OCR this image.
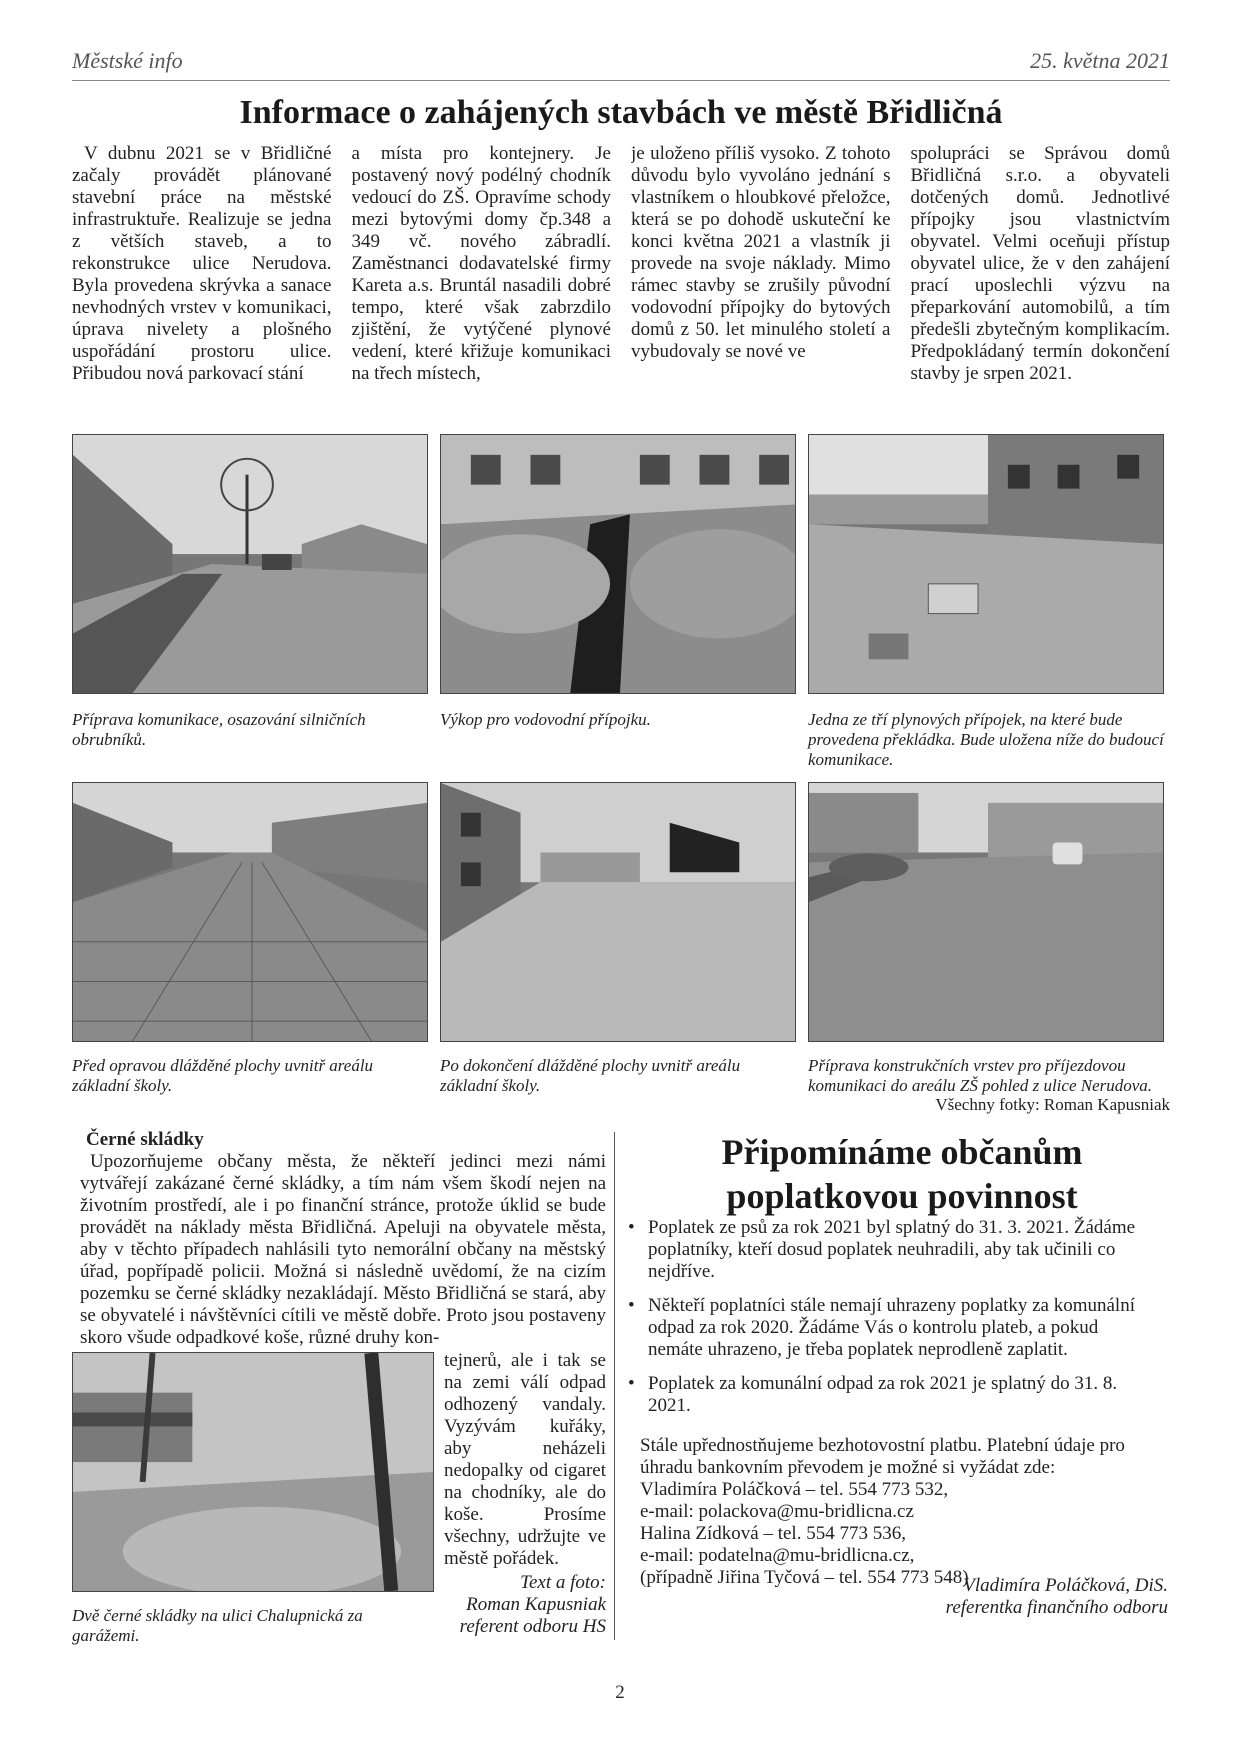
Městské info	25. května 2021
Informace o zahájených stavbách ve městě Břidličná

V dubnu 2021 se v Břidličné začaly provádět plánované stavební práce na městské infrastruktuře. Realizuje se jedna z větších staveb, a to rekonstrukce ulice Nerudova. Byla provedena skrývka a sanace nevhodných vrstev v komunikaci, úprava nivelety a plošného uspořádání prostoru ulice. Přibudou nová parkovací stání

a místa pro kontejnery. Je postavený nový podélný chodník vedoucí do ZŠ. Opravíme schody mezi bytovými domy čp.348 a 349 vč. nového zábradlí. Zaměstnanci dodavatelské firmy Kareta a.s. Bruntál nasadili dobré tempo, které však zabrzdilo zjištění, že vytýčené plynové vedení, které křižuje komunikaci na třech místech,

je uloženo příliš vysoko. Z tohoto důvodu bylo vyvoláno jednání s vlastníkem o hloubkové přeložce, která se po dohodě uskuteční ke konci května 2021 a vlastník ji provede na svoje náklady. Mimo rámec stavby se zrušily původní vodovodní přípojky do bytových domů z 50. let minulého století a vybudovaly se nové ve

spolupráci se Správou domů Břidličná s.r.o. a obyvateli dotčených domů. Jednotlivé přípojky jsou vlastnictvím obyvatel. Velmi oceňuji přístup obyvatel ulice, že v den zahájení prací uposlechli výzvu na přeparkování automobilů, a tím předešli zbytečným komplikacím. Předpokládaný termín dokončení stavby je srpen 2021.

Příprava komunikace, osazování silničních obrubníků.

Výkop pro vodovodní přípojku.	Jedna ze tří plynových přípojek, na které bude provedena překládka. Bude uložena níže do budoucí komunikace.

Před opravou dlážděné plochy uvnitř areálu základní školy.

Po dokončení dlážděné plochy uvnitř areálu základní školy.

Příprava konstrukčních vrstev pro příjezdovou komunikaci do areálu ZŠ pohled z ulice Nerudova.

Všechny fotky: Roman Kapusniak

Černé skládky

Upozorňujeme občany města, že někteří jedinci mezi námi vytvářejí zakázané černé skládky, a tím nám všem škodí nejen na životním prostředí, ale i po finanční stránce, protože úklid se bude provádět na náklady města Břidličná. Apeluji na obyvatele města, aby v těchto případech nahlásili tyto nemorální občany na městský úřad, popřípadě policii. Možná si následně uvědomí, že na cizím pozemku se černé skládky nezakládají. Město Břidličná se stará, aby se obyvatelé i návštěvníci cítili ve městě dobře. Proto jsou postaveny skoro všude odpadkové koše, různé druhy kon-

tejnerů, ale i tak se na zemi válí odpad odhozený vandaly. Vyzývám kuřáky, aby neházeli nedopalky od cigaret na chodníky, ale do koše. Prosíme všechny, udržujte ve městě pořádek.

Text a foto:

Roman Kapusniak

referent odboru HS

Dvě černé skládky na ulici Chalupnická za garážemi.

Připomínáme občanům poplatkovou povinnost
• Poplatek ze psů za rok 2021 byl splatný do 31. 3. 2021. Žádáme poplatníky, kteří dosud poplatek neuhradili, aby tak učinili co nejdříve.
• Někteří poplatníci stále nemají uhrazeny poplatky za komunální odpad za rok 2020. Žádáme Vás o kontrolu plateb, a pokud nemáte uhrazeno, je třeba poplatek neprodleně zaplatit.
• Poplatek za komunální odpad za rok 2021 je splatný do 31. 8. 2021.
Stále upřednostňujeme bezhotovostní platbu. Platební údaje pro úhradu bankovním převodem je možné si vyžádat zde:
Vladimíra Poláčková – tel. 554 773 532,
e-mail: polackova@mu-bridlicna.cz
Halina Zídková – tel. 554 773 536,
e-mail: podatelna@mu-bridlicna.cz,
(případně Jiřina Tyčová – tel. 554 773 548)
Vladimíra Poláčková, DiS.
referentka finančního odboru

2
